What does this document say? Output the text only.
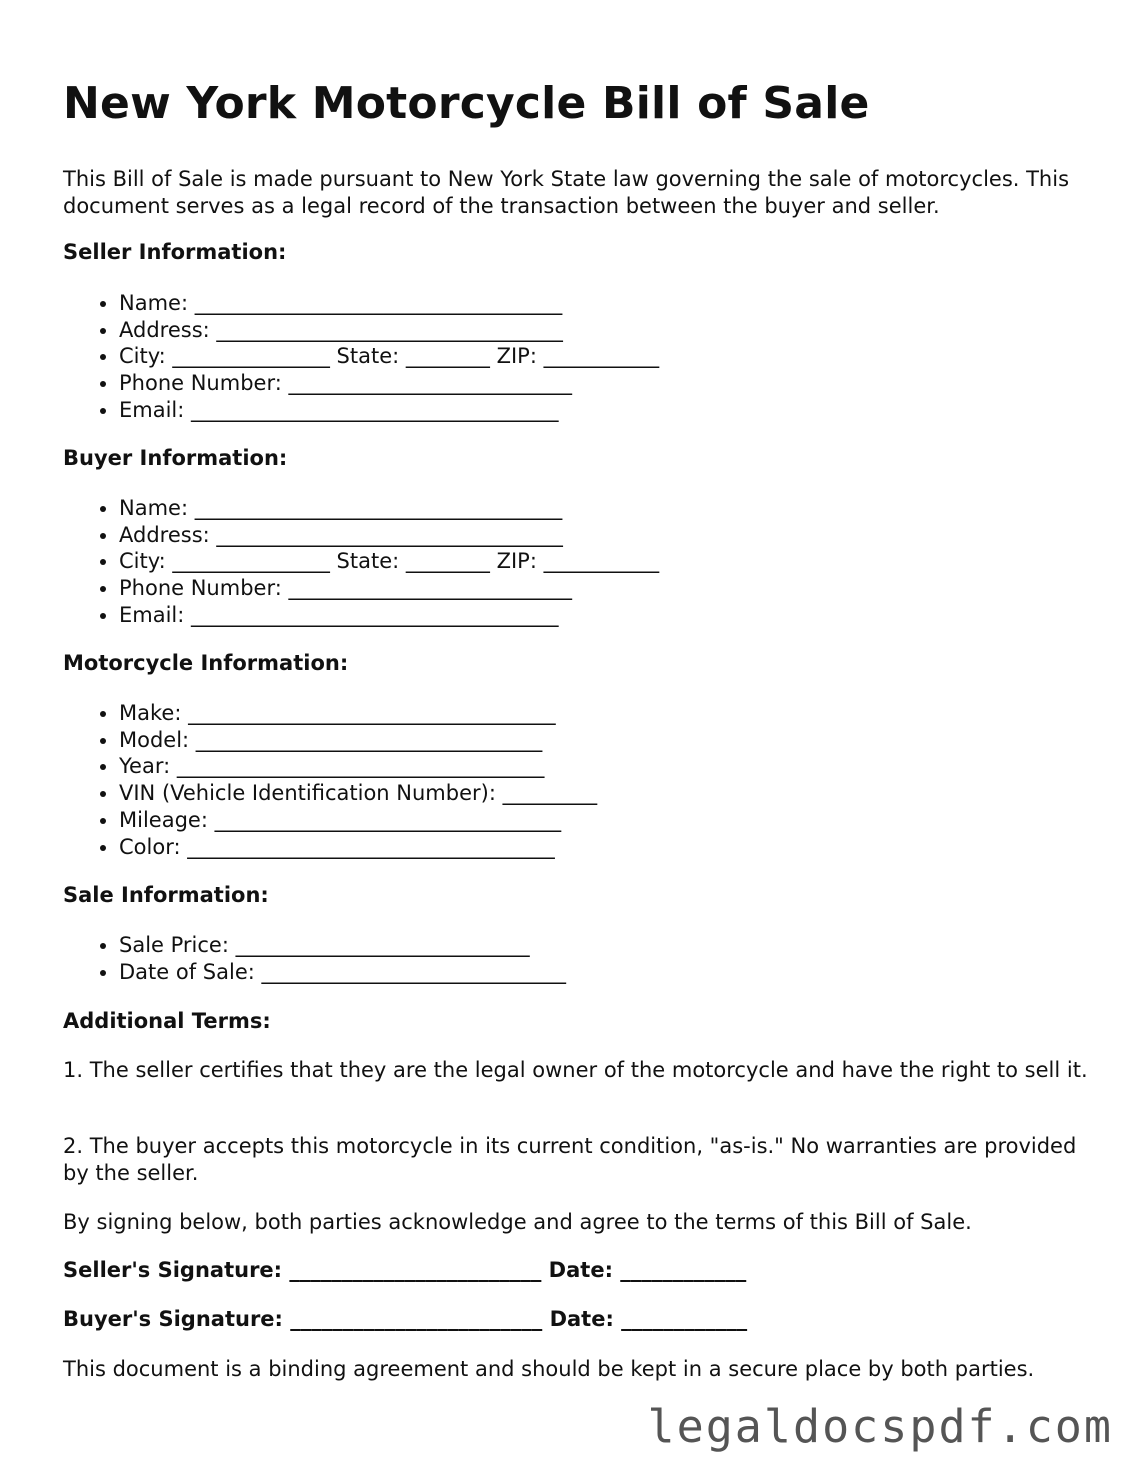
New York Motorcycle Bill of Sale

This Bill of Sale is made pursuant to New York State law governing the sale of motorcycles. This document serves as a legal record of the transaction between the buyer and seller.

Seller Information:

• Name: ___________________________________
• Address: _________________________________
• City: _______________ State: ________ ZIP: ___________
• Phone Number: ___________________________
• Email: ___________________________________

Buyer Information:

• Name: ___________________________________
• Address: _________________________________
• City: _______________ State: ________ ZIP: ___________
• Phone Number: ___________________________
• Email: ___________________________________

Motorcycle Information:

• Make: ___________________________________
• Model: _________________________________
• Year: ___________________________________
• VIN (Vehicle Identification Number): _________
• Mileage: _________________________________
• Color: ___________________________________

Sale Information:

• Sale Price: ____________________________
• Date of Sale: _____________________________

Additional Terms:

1. The seller certifies that they are the legal owner of the motorcycle and have the right to sell it.

2. The buyer accepts this motorcycle in its current condition, "as-is." No warranties are provided by the seller.

By signing below, both parties acknowledge and agree to the terms of this Bill of Sale.

Seller's Signature: ________________________ Date: ____________

Buyer's Signature: ________________________ Date: ____________

This document is a binding agreement and should be kept in a secure place by both parties.

legaldocspdf.com
